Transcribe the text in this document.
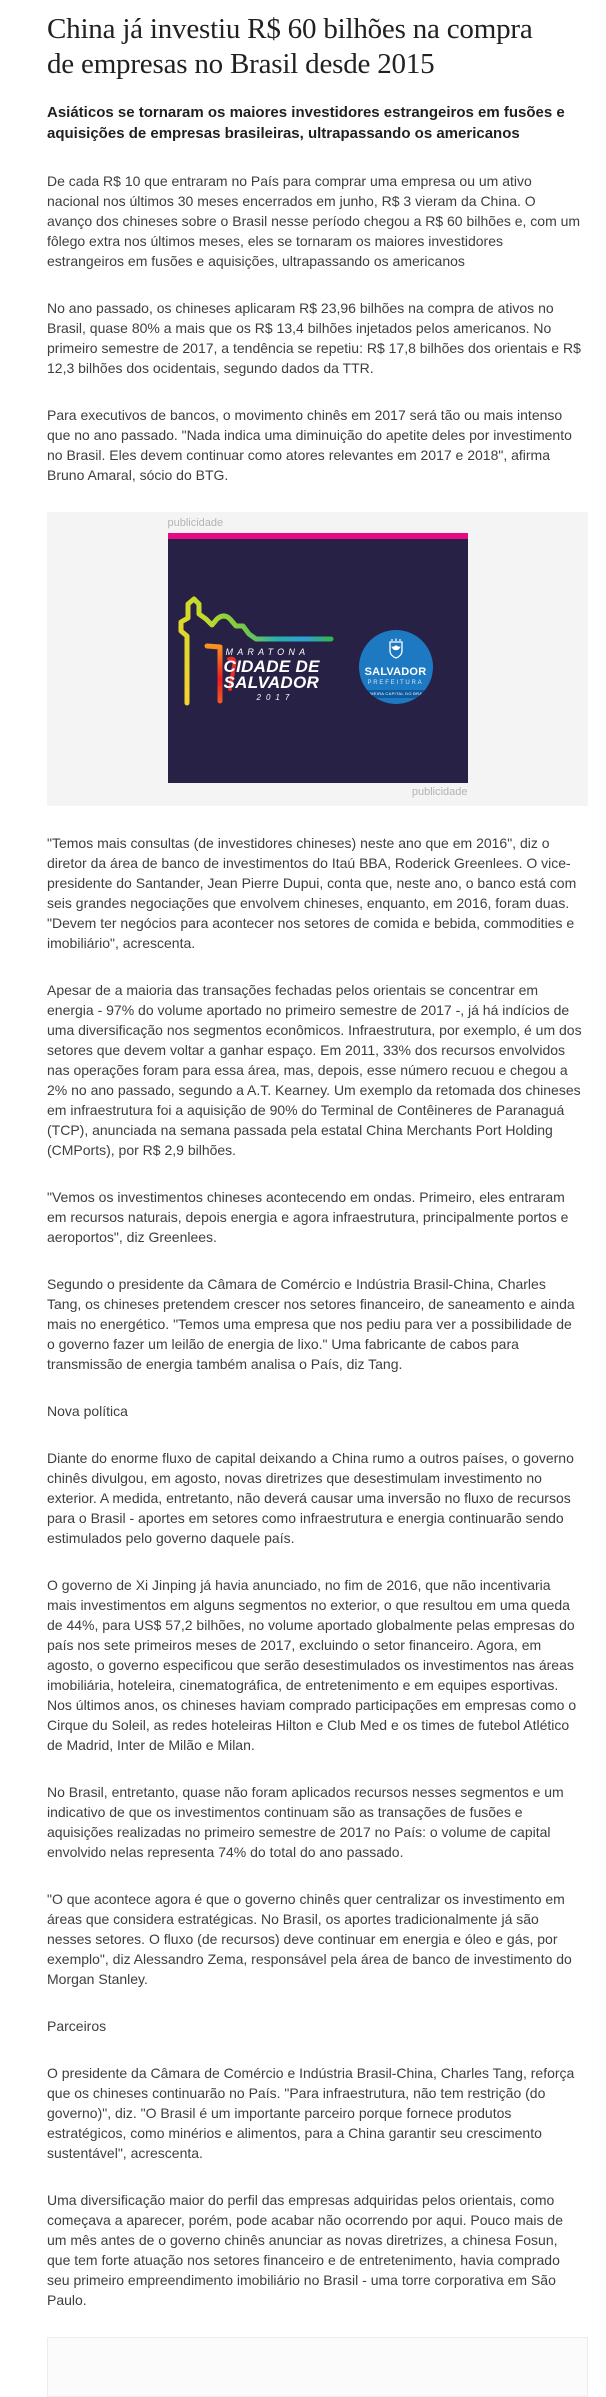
China já investiu R$ 60 bilhões na compra
de empresas no Brasil desde 2015
Asiáticos se tornaram os maiores investidores estrangeiros em fusões e aquisições de empresas brasileiras, ultrapassando os americanos

De cada R$ 10 que entraram no País para comprar uma empresa ou um ativo nacional nos últimos 30 meses encerrados em junho, R$ 3 vieram da China. O avanço dos chineses sobre o Brasil nesse período chegou a R$ 60 bilhões e, com um fôlego extra nos últimos meses, eles se tornaram os maiores investidores estrangeiros em fusões e aquisições, ultrapassando os americanos

No ano passado, os chineses aplicaram R$ 23,96 bilhões na compra de ativos no Brasil, quase 80% a mais que os R$ 13,4 bilhões injetados pelos americanos. No primeiro semestre de 2017, a tendência se repetiu: R$ 17,8 bilhões dos orientais e R$ 12,3 bilhões dos ocidentais, segundo dados da TTR.

Para executivos de bancos, o movimento chinês em 2017 será tão ou mais intenso que no ano passado. "Nada indica uma diminuição do apetite deles por investimento no Brasil. Eles devem continuar como atores relevantes em 2017 e 2018", afirma Bruno Amaral, sócio do BTG.

publicidade
MARATONA
CIDADE DE
SALVADOR
2017
SALVADOR
PREFEITURA
PRIMEIRA CAPITAL DO BRASIL
publicidade

"Temos mais consultas (de investidores chineses) neste ano que em 2016", diz o diretor da área de banco de investimentos do Itaú BBA, Roderick Greenlees. O vice-presidente do Santander, Jean Pierre Dupui, conta que, neste ano, o banco está com seis grandes negociações que envolvem chineses, enquanto, em 2016, foram duas. "Devem ter negócios para acontecer nos setores de comida e bebida, commodities e imobiliário", acrescenta.

Apesar de a maioria das transações fechadas pelos orientais se concentrar em energia - 97% do volume aportado no primeiro semestre de 2017 -, já há indícios de uma diversificação nos segmentos econômicos. Infraestrutura, por exemplo, é um dos setores que devem voltar a ganhar espaço. Em 2011, 33% dos recursos envolvidos nas operações foram para essa área, mas, depois, esse número recuou e chegou a 2% no ano passado, segundo a A.T. Kearney. Um exemplo da retomada dos chineses em infraestrutura foi a aquisição de 90% do Terminal de Contêineres de Paranaguá (TCP), anunciada na semana passada pela estatal China Merchants Port Holding (CMPorts), por R$ 2,9 bilhões.

"Vemos os investimentos chineses acontecendo em ondas. Primeiro, eles entraram em recursos naturais, depois energia e agora infraestrutura, principalmente portos e aeroportos", diz Greenlees.

Segundo o presidente da Câmara de Comércio e Indústria Brasil-China, Charles Tang, os chineses pretendem crescer nos setores financeiro, de saneamento e ainda mais no energético. "Temos uma empresa que nos pediu para ver a possibilidade de o governo fazer um leilão de energia de lixo." Uma fabricante de cabos para transmissão de energia também analisa o País, diz Tang.

Nova política

Diante do enorme fluxo de capital deixando a China rumo a outros países, o governo chinês divulgou, em agosto, novas diretrizes que desestimulam investimento no exterior. A medida, entretanto, não deverá causar uma inversão no fluxo de recursos para o Brasil - aportes em setores como infraestrutura e energia continuarão sendo estimulados pelo governo daquele país.

O governo de Xi Jinping já havia anunciado, no fim de 2016, que não incentivaria mais investimentos em alguns segmentos no exterior, o que resultou em uma queda de 44%, para US$ 57,2 bilhões, no volume aportado globalmente pelas empresas do país nos sete primeiros meses de 2017, excluindo o setor financeiro. Agora, em agosto, o governo especificou que serão desestimulados os investimentos nas áreas imobiliária, hoteleira, cinematográfica, de entretenimento e em equipes esportivas. Nos últimos anos, os chineses haviam comprado participações em empresas como o Cirque du Soleil, as redes hoteleiras Hilton e Club Med e os times de futebol Atlético de Madrid, Inter de Milão e Milan.

No Brasil, entretanto, quase não foram aplicados recursos nesses segmentos e um indicativo de que os investimentos continuam são as transações de fusões e aquisições realizadas no primeiro semestre de 2017 no País: o volume de capital envolvido nelas representa 74% do total do ano passado.

"O que acontece agora é que o governo chinês quer centralizar os investimento em áreas que considera estratégicas. No Brasil, os aportes tradicionalmente já são nesses setores. O fluxo (de recursos) deve continuar em energia e óleo e gás, por exemplo", diz Alessandro Zema, responsável pela área de banco de investimento do Morgan Stanley.

Parceiros

O presidente da Câmara de Comércio e Indústria Brasil-China, Charles Tang, reforça que os chineses continuarão no País. "Para infraestrutura, não tem restrição (do governo)", diz. "O Brasil é um importante parceiro porque fornece produtos estratégicos, como minérios e alimentos, para a China garantir seu crescimento sustentável", acrescenta.

Uma diversificação maior do perfil das empresas adquiridas pelos orientais, como começava a aparecer, porém, pode acabar não ocorrendo por aqui. Pouco mais de um mês antes de o governo chinês anunciar as novas diretrizes, a chinesa Fosun, que tem forte atuação nos setores financeiro e de entretenimento, havia comprado seu primeiro empreendimento imobiliário no Brasil - uma torre corporativa em São Paulo.
